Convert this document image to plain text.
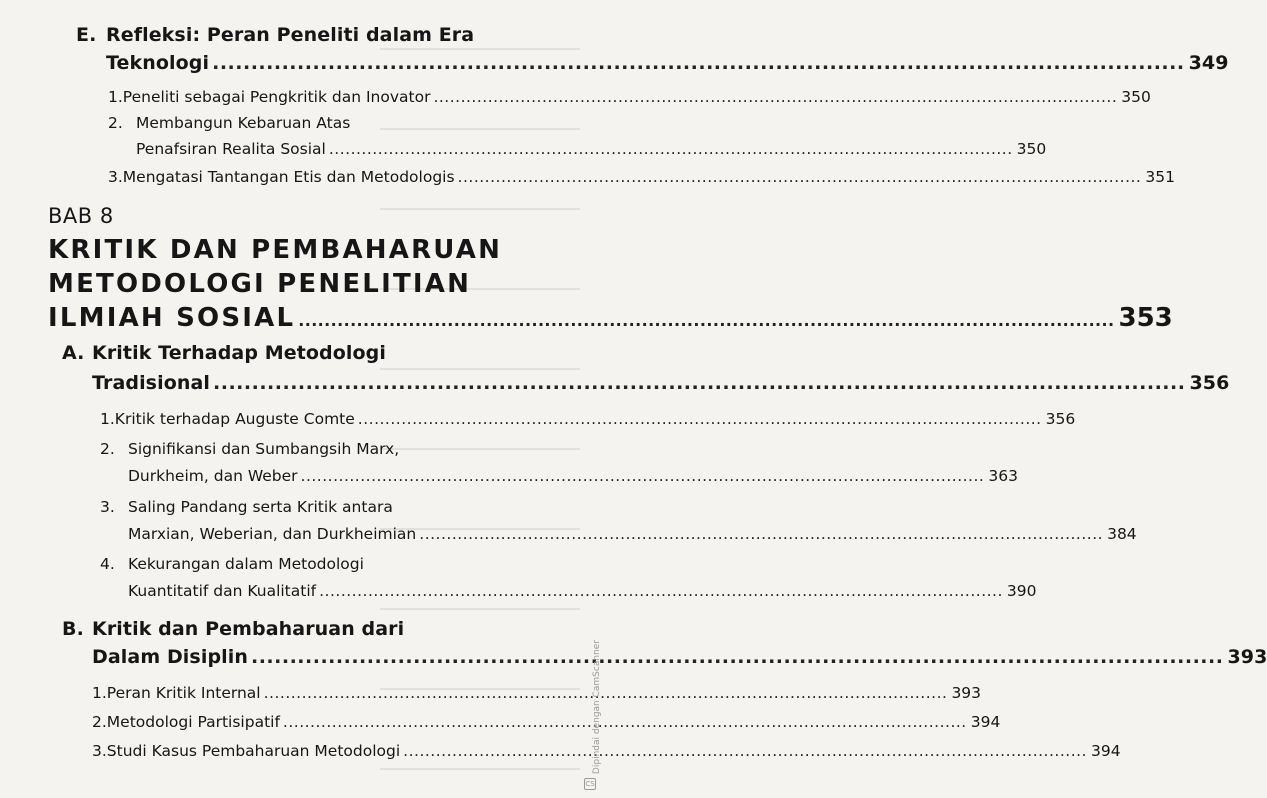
E. Refleksi: Peran Peneliti dalam Era
Teknologi .............................................................................................................................. 349
1. Peneliti sebagai Pengkritik dan Inovator .............................................................................................................................. 350
2. Membangun Kebaruan Atas
Penafsiran Realita Sosial .............................................................................................................................. 350
3. Mengatasi Tantangan Etis dan Metodologis .............................................................................................................................. 351
BAB 8
KRITIK DAN PEMBAHARUAN
METODOLOGI PENELITIAN
ILMIAH SOSIAL .............................................................................................................................. 353
A. Kritik Terhadap Metodologi
Tradisional .............................................................................................................................. 356
1. Kritik terhadap Auguste Comte .............................................................................................................................. 356
2. Signifikansi dan Sumbangsih Marx,
Durkheim, dan Weber .............................................................................................................................. 363
3. Saling Pandang serta Kritik antara
Marxian, Weberian, dan Durkheimian .............................................................................................................................. 384
4. Kekurangan dalam Metodologi
Kuantitatif dan Kualitatif .............................................................................................................................. 390
B. Kritik dan Pembaharuan dari
Dalam Disiplin .............................................................................................................................. 393
1. Peran Kritik Internal .............................................................................................................................. 393
2. Metodologi Partisipatif .............................................................................................................................. 394
3. Studi Kasus Pembaharuan Metodologi .............................................................................................................................. 394
Dipindai dengan CamScanner
CS
